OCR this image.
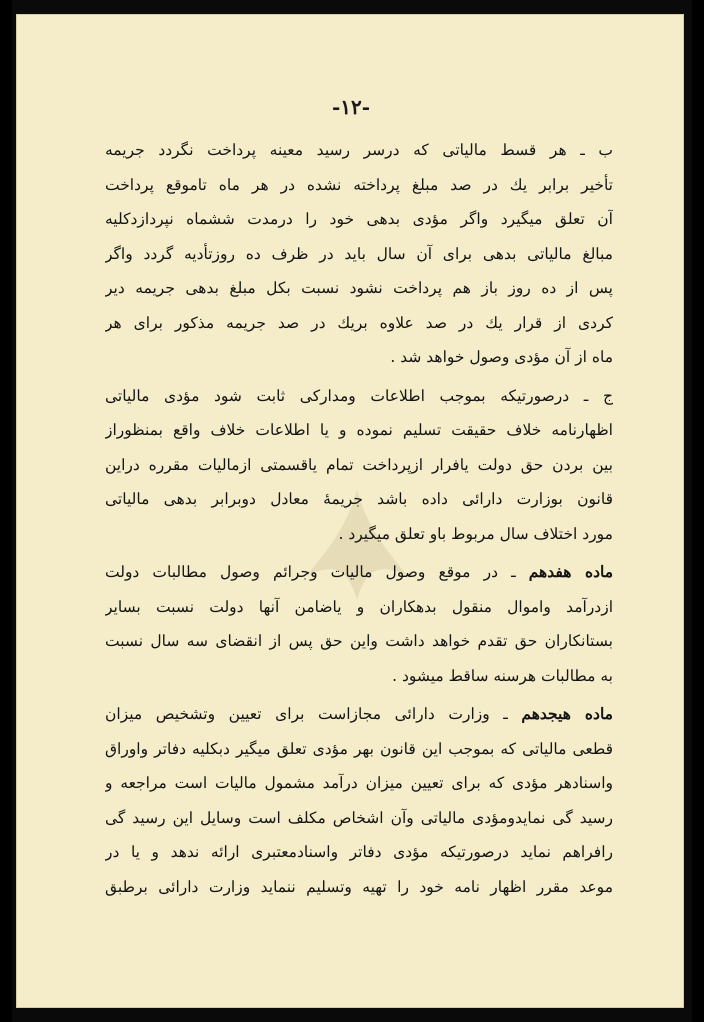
-۱۲-
ب ـ هر قسط مالیاتی که درسر رسید معینه پرداخت نگردد جریمه
تأخیر برابر یك در صد مبلغ پرداخته نشده در هر ماه تاموقع پرداخت
آن تعلق میگیرد واگر مؤدی بدهی خود را درمدت ششماه نپردازدکلیه
مبالغ مالیاتی بدهی برای آن سال باید در ظرف ده روزتأدیه گردد واگر
پس از ده روز باز هم پرداخت نشود نسبت بکل مبلغ بدهی جریمه دیر
کردی از قرار یك در صد علاوه بریك در صد جریمه مذکور برای هر
ماه از آن مؤدی وصول خواهد شد .
ج ـ درصورتیکه بموجب اطلاعات ومدارکی ثابت شود مؤدی مالیاتی
اظهارنامه خلاف حقیقت تسلیم نموده و یا اطلاعات خلاف واقع بمنظوراز
بین بردن حق دولت یافرار ازپرداخت تمام یاقسمتی ازمالیات مقرره دراین
قانون بوزارت دارائی داده باشد جریمهٔ معادل دوبرابر بدهی مالیاتی
مورد اختلاف سال مربوط باو تعلق میگیرد .
ماده هفدهم ـ در موقع وصول مالیات وجرائم وصول مطالبات دولت
ازدرآمد واموال منقول بدهکاران و یاضامن آنها دولت نسبت بسایر
بستانکاران حق تقدم خواهد داشت واین حق پس از انقضای سه سال نسبت
به مطالبات هرسنه ساقط میشود .
ماده هیجدهم ـ وزارت دارائی مجازاست برای تعیین وتشخیص میزان
قطعی مالیاتی که بموجب این قانون بهر مؤدی تعلق میگیر دبکلیه دفاتر واوراق
واسنادهر مؤدی که برای تعیین میزان درآمد مشمول مالیات است مراجعه و
رسید گی نمایدومؤدی مالیاتی وآن اشخاص مکلف است وسایل این رسید گی
رافراهم نماید درصورتیکه مؤدی دفاتر واسنادمعتبری ارائه ندهد و یا در
موعد مقرر اظهار نامه خود را تهیه وتسلیم ننماید وزارت دارائی برطبق
